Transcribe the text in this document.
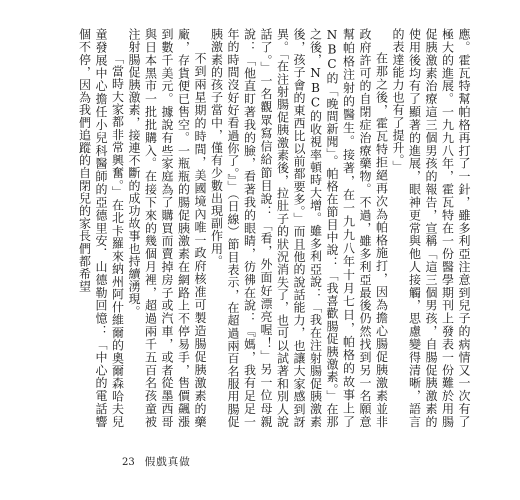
應。霍瓦特幫帕格再打了一針，雖多利亞注意到兒子的病情又一次有了極大的進展。一九九八年，霍瓦特在一份醫學期刊上發表一份難於用腸促胰激素治療這三個男孩的報告，宣稱「這三個男孩，自腸促胰激素的使用後均有了顯著的進展，眼神更常與他人接觸，思慮變得清晰，語言的表達能力也有了提升。」

在那之後，霍瓦特拒絕再次為帕格施打，因為擔心腸促胰激素並非政府許可的自閉症治療藥物。不過，雖多利亞最後仍然找到另一名願意幫帕格注射的醫生。接著，在一九九八年十月七日，帕格的故事上了NBC的「晚間新聞」。帕格在節目中說：「我喜歡腸促胰激素。」在那之後，NBC的收視率頓時大增。雖多利亞說：「我在注射腸促胰激素後，孩子會的東西比以前都要多。」而且他的說話能力，也讓大家感到訝異。「在注射腸促胰激素後，拉肚子的狀況消失了，也可以試著和別人說話了。」一名觀眾寫信給節目說：「看，外面好漂亮喔！」另一位母親說：「他直盯著我的臉，看著我的眼睛，彷彿在說：『媽，我有足足一年的時間沒好好看過你了。』」（日線）節目表示，在超過兩百名服用腸促胰激素的孩子當中，僅有少數出現副作用。

不到兩星期的時間，美國境內唯一政府核准可製造腸促胰激素的藥廠，存貨便已售空。一瓶瓶的腸促胰激素在網路上不停易手，售價飆漲到數千美元。據說有些家庭為了購買而賣掉房子或汽車，或者從墨西哥與日本黑市一批批購入。在接下來的幾個月裡，超過兩千五百名孩童被注射腸促胰激素，接連不斷的成功故事也持續湧現。

「當時大家都非常興奮。」在北卡羅來納州阿什維爾的奧爾森哈夫兒童發展中心擔任小兒科醫師的亞德里安．山德勒回憶：「中心的電話響個不停，因為我們追蹤的自閉兒的家長們都希望

23 假戲真做
